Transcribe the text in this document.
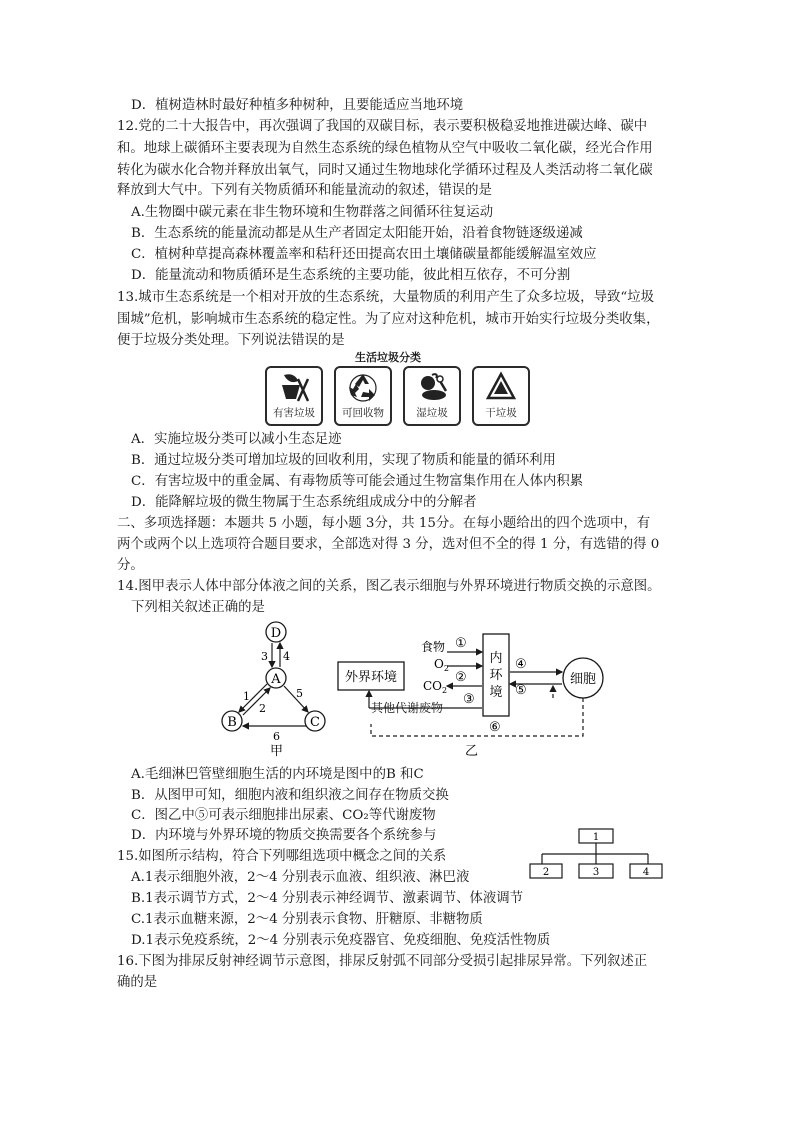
D．植树造林时最好种植多种树种，且要能适应当地环境
12.党的二十大报告中，再次强调了我国的双碳目标，表示要积极稳妥地推进碳达峰、碳中
和。地球上碳循环主要表现为自然生态系统的绿色植物从空气中吸收二氧化碳，经光合作用
转化为碳水化合物并释放出氧气，同时又通过生物地球化学循环过程及人类活动将二氧化碳
释放到大气中。下列有关物质循环和能量流动的叙述，错误的是
A.生物圈中碳元素在非生物环境和生物群落之间循环往复运动
B．生态系统的能量流动都是从生产者固定太阳能开始，沿着食物链逐级递减
C．植树种草提高森林覆盖率和秸秆还田提高农田土壤储碳量都能缓解温室效应
D．能量流动和物质循环是生态系统的主要功能，彼此相互依存，不可分割
13.城市生态系统是一个相对开放的生态系统，大量物质的利用产生了众多垃圾，导致“垃圾
围城”危机，影响城市生态系统的稳定性。为了应对这种危机，城市开始实行垃圾分类收集，
便于垃圾分类处理。下列说法错误的是
生活垃圾分类
有害垃圾	可回收物	湿垃圾	干垃圾
A．实施垃圾分类可以减小生态足迹
B．通过垃圾分类可增加垃圾的回收利用，实现了物质和能量的循环利用
C．有害垃圾中的重金属、有毒物质等可能会通过生物富集作用在人体内积累
D．能降解垃圾的微生物属于生态系统组成成分中的分解者
二、多项选择题：本题共 5 小题，每小题 3分，共 15分。在每小题给出的四个选项中，有
两个或两个以上选项符合题目要求，全部选对得 3 分，选对但不全的得 1 分，有选错的得 0
分。
14.图甲表示人体中部分体液之间的关系，图乙表示细胞与外界环境进行物质交换的示意图。
下列相关叙述正确的是
D
A
B	C
3 4
1
2
5
6
甲
外界环境
内
环
境
细胞
食物 ①
$O_2$
②
$CO_2$
③
其他代谢废物
④
⑤
⑥
乙
A.毛细淋巴管壁细胞生活的内环境是图中的B 和C
B．从图甲可知，细胞内液和组织液之间存在物质交换
C．图乙中⑤可表示细胞排出尿素、CO₂等代谢废物
D．内环境与外界环境的物质交换需要各个系统参与	1
2	3	4
15.如图所示结构，符合下列哪组选项中概念之间的关系
A.1表示细胞外液，2～4 分别表示血液、组织液、淋巴液
B.1表示调节方式，2～4 分别表示神经调节、激素调节、体液调节
C.1表示血糖来源，2～4 分别表示食物、肝糖原、非糖物质
D.1表示免疫系统，2～4 分别表示免疫器官、免疫细胞、免疫活性物质
16.下图为排尿反射神经调节示意图，排尿反射弧不同部分受损引起排尿异常。下列叙述正
确的是
